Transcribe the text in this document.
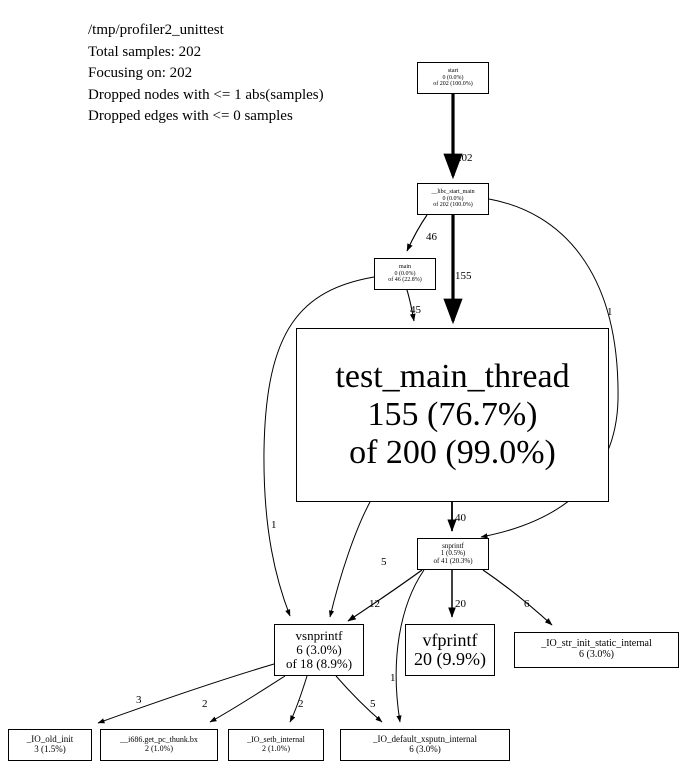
/tmp/profiler2_unittest
Total samples: 202
Focusing on: 202
Dropped nodes with <= 1 abs(samples)
Dropped edges with <= 0 samples
start
0 (0.0%)
of 202 (100.0%)
__libc_start_main
0 (0.0%)
of 202 (100.0%)
main
0 (0.0%)
of 46 (22.8%)
test_main_thread
155 (76.7%)
of 200 (99.0%)
snprintf
1 (0.5%)
of 41 (20.3%)
vsnprintf
6 (3.0%)
of 18 (8.9%)
vfprintf
20 (9.9%)
_IO_str_init_static_internal
6 (3.0%)
_IO_old_init
3 (1.5%)
__i686.get_pc_thunk.bx
2 (1.0%)
_IO_setb_internal
2 (1.0%)
_IO_default_xsputn_internal
6 (3.0%)
202
46
155
1
45
1
40
5
12	20	6
3	2	2	5
1
